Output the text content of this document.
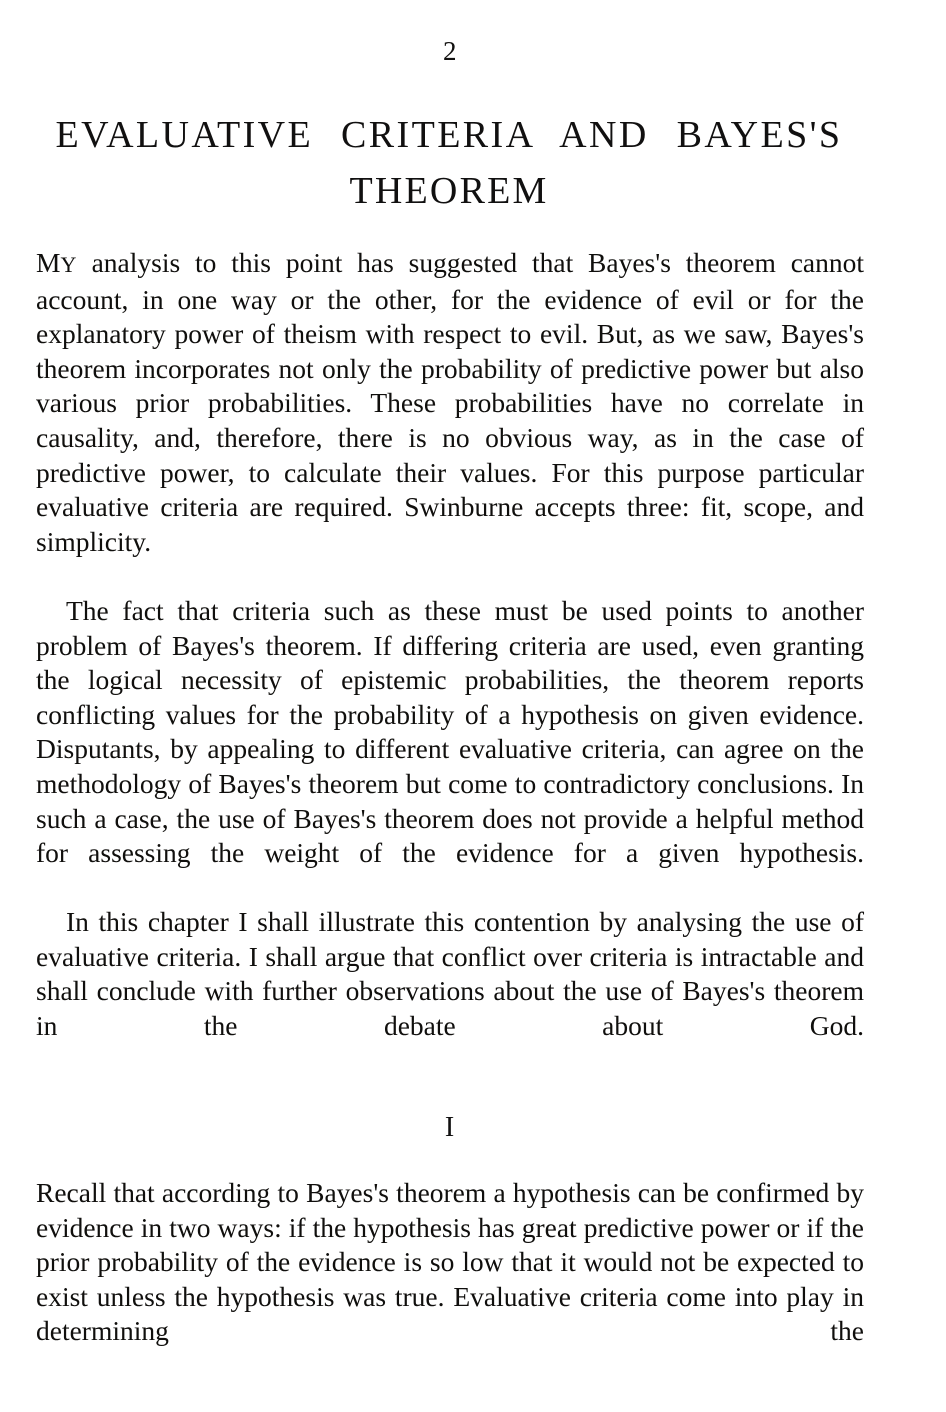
2
EVALUATIVE CRITERIA AND BAYES'S
THEOREM

MY analysis to this point has suggested that Bayes's theorem cannot account, in one way or the other, for the evidence of evil or for the explanatory power of theism with respect to evil. But, as we saw, Bayes's theorem incorporates not only the probability of predictive power but also various prior probabilities. These probabilities have no correlate in causality, and, therefore, there is no obvious way, as in the case of predictive power, to calculate their values. For this purpose particular evaluative criteria are required. Swinburne accepts three: fit, scope, and simplicity.

The fact that criteria such as these must be used points to another problem of Bayes's theorem. If differing criteria are used, even granting the logical necessity of epistemic probabilities, the theorem reports conflicting values for the probability of a hypothesis on given evidence. Disputants, by appealing to different evaluative criteria, can agree on the methodology of Bayes's theorem but come to contradictory conclusions. In such a case, the use of Bayes's theorem does not provide a helpful method for assessing the weight of the evidence for a given hypothesis.

In this chapter I shall illustrate this contention by analysing the use of evaluative criteria. I shall argue that conflict over criteria is intractable and shall conclude with further observations about the use of Bayes's theorem in the debate about God.

I

Recall that according to Bayes's theorem a hypothesis can be confirmed by evidence in two ways: if the hypothesis has great predictive power or if the prior probability of the evidence is so low that it would not be expected to exist unless the hypothesis was true. Evaluative criteria come into play in determining the
